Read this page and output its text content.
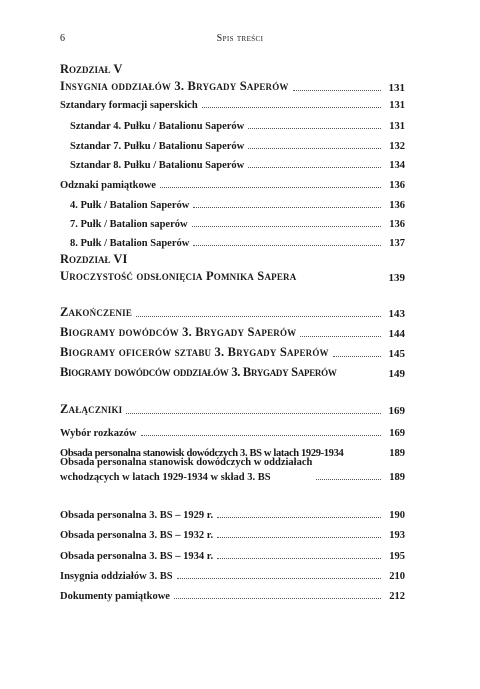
6	Spis treści
Rozdział V
Insygnia oddziałów 3. Brygady Saperów	131
Sztandary formacji saperskich	131
Sztandar 4. Pułku / Batalionu Saperów	131
Sztandar 7. Pułku / Batalionu Saperów	132
Sztandar 8. Pułku / Batalionu Saperów	134
Odznaki pamiątkowe	136
4. Pułk / Batalion Saperów	136
7. Pułk / Batalion saperów	136
8. Pułk / Batalion Saperów	137
Rozdział VI
Uroczystość odsłonięcia Pomnika Sapera	139
Zakończenie	143
Biogramy dowódców 3. Brygady Saperów	144
Biogramy oficerów sztabu 3. Brygady Saperów	145
Biogramy dowódców oddziałów 3. Brygady Saperów	149
Załączniki	169
Wybór rozkazów	169
Obsada personalna stanowisk dowódczych 3. BS w latach 1929-1934	189
Obsada personalna stanowisk dowódczych w oddziałach
wchodzących w latach 1929-1934 w skład 3. BS	189
Obsada personalna 3. BS – 1929 r.	190
Obsada personalna 3. BS – 1932 r.	193
Obsada personalna 3. BS – 1934 r.	195
Insygnia oddziałów 3. BS	210
Dokumenty pamiątkowe	212
